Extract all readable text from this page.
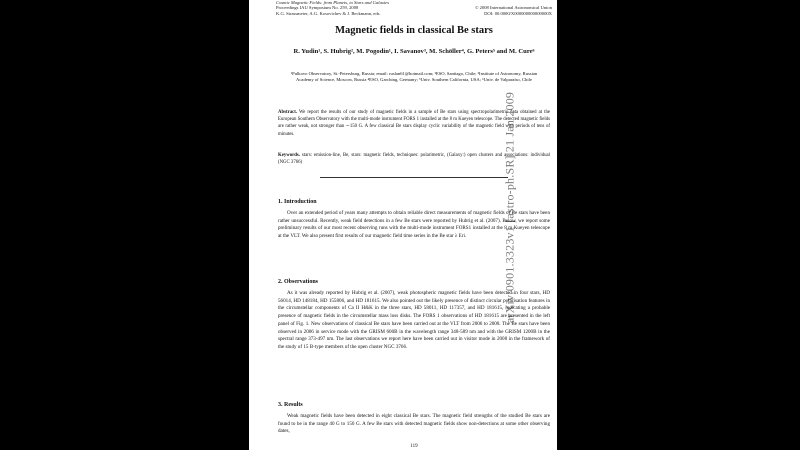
arXiv:0901.3323v1 [astro-ph.SR] 21 Jan 2009
Cosmic Magnetic Fields: from Planets, to Stars and Galaxies
Proceedings IAU Symposium No. 259, 2008
K.G. Strassmeier, A.G. Kosovichev & J. Beckmann, eds.
© 2008 International Astronomical Union
DOI: 00.0000/X000000000000000X
Magnetic fields in classical Be stars
R. Yudin¹, S. Hubrig², M. Pogodin¹, I. Savanov³, M. Schöller⁴, G. Peters⁵ and M. Cure⁶
¹Pulkovo Observatory, St.-Petersburg, Russia; email: ruslan61@hotmail.com; ²ESO, Santiago, Chile; ³Institute of Astronomy, Russian Academy of Science, Moscow, Russia ⁴ESO, Garching, Germany; ⁵Univ. Southern California, USA; ⁶Univ. de Valparaíso, Chile
Abstract. We report the results of our study of magnetic fields in a sample of Be stars using spectropolarimetric data obtained at the European Southern Observatory with the multi-mode instrument FORS 1 installed at the 8 m Kueyen telescope. The detected magnetic fields are rather weak, not stronger than ∼150 G. A few classical Be stars display cyclic variability of the magnetic field with periods of tens of minutes.
Keywords. stars: emission-line, Be, stars: magnetic fields, techniques: polarimetric, (Galaxy:) open clusters and associations: individual (NGC 3766)
1. Introduction
Over an extended period of years many attempts to obtain reliable direct measurements of magnetic fields of Be stars have been rather unsuccessful. Recently, weak field detections in a few Be stars were reported by Hubrig et al. (2007). Below, we report some preliminary results of our most recent observing runs with the multi-mode instrument FORS1 installed at the 8 m Kueyen telescope at the VLT. We also present first results of our magnetic field time series in the Be star λ Eri.
2. Observations
As it was already reported by Hubrig et al. (2007), weak photospheric magnetic fields have been detected in four stars, HD 56014, HD 148184, HD 155806, and HD 181615. We also pointed out the likely presence of distinct circular polarisation features in the circumstellar components of Ca II H&K in the three stars, HD 58011, HD 117357, and HD 181615, indicating a probable presence of magnetic fields in the circumstellar mass loss disks. The FORS 1 observations of HD 181615 are presented in the left panel of Fig. 1. New observations of classical Be stars have been carried out at the VLT from 2006 to 2008. The Be stars have been observed in 2006 in service mode with the GRISM 600B in the wavelength range 348-589 nm and with the GRISM 1200B in the spectral range 373-497 nm. The last observations we report here have been carried out in visitor mode in 2008 in the framework of the study of 15 B-type members of the open cluster NGC 3766.
3. Results
Weak magnetic fields have been detected in eight classical Be stars. The magnetic field strengths of the studied Be stars are found to be in the range 40 G to 150 G. A few Be stars with detected magnetic fields show non-detections at some other observing dates,
119
